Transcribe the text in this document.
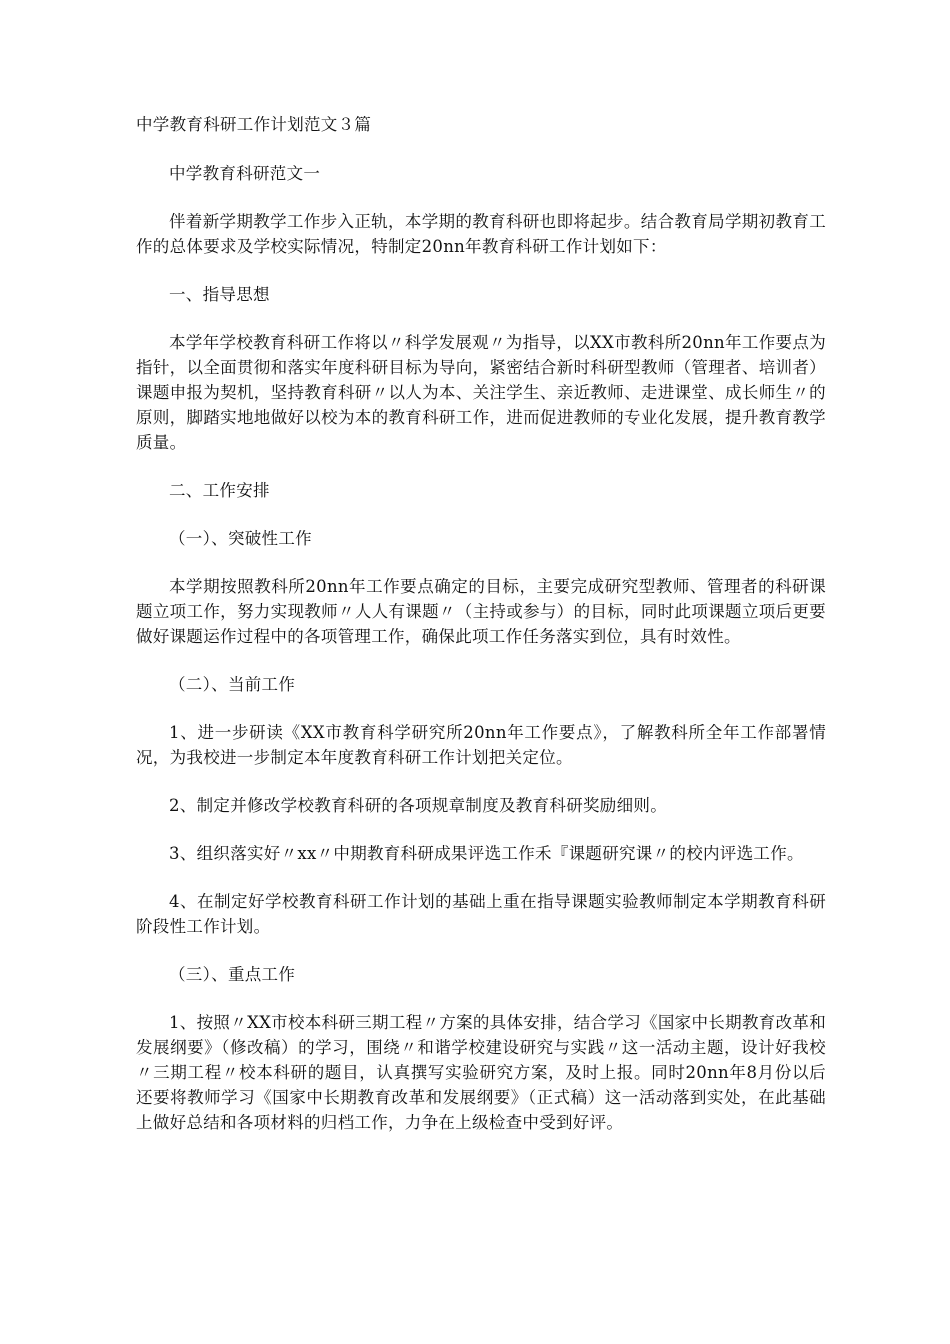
中学教育科研工作计划范文３篇
中学教育科研范文一

伴着新学期教学工作步入正轨，本学期的教育科研也即将起步。结合教育局学期初教育工作的总体要求及学校实际情况，特制定20nn年教育科研工作计划如下：

一、指导思想

本学年学校教育科研工作将以〃科学发展观〃为指导，以XX市教科所20nn年工作要点为指针，以全面贯彻和落实年度科研目标为导向，紧密结合新时科研型教师（管理者、培训者）课题申报为契机，坚持教育科研〃以人为本、关注学生、亲近教师、走进课堂、成长师生〃的原则，脚踏实地地做好以校为本的教育科研工作，进而促进教师的专业化发展，提升教育教学质量。

二、工作安排

（一）、突破性工作

本学期按照教科所20nn年工作要点确定的目标，主要完成研究型教师、管理者的科研课题立项工作，努力实现教师〃人人有课题〃（主持或参与）的目标，同时此项课题立项后更要做好课题运作过程中的各项管理工作，确保此项工作任务落实到位，具有时效性。

（二）、当前工作

1、进一步研读《XX市教育科学研究所20nn年工作要点》，了解教科所全年工作部署情况，为我校进一步制定本年度教育科研工作计划把关定位。

2、制定并修改学校教育科研的各项规章制度及教育科研奖励细则。

3、组织落实好〃xx〃中期教育科研成果评选工作禾『课题研究课〃的校内评选工作。

4、在制定好学校教育科研工作计划的基础上重在指导课题实验教师制定本学期教育科研阶段性工作计划。

（三）、重点工作

1、按照〃XX市校本科研三期工程〃方案的具体安排，结合学习《国家中长期教育改革和发展纲要》（修改稿）的学习，围绕〃和谐学校建设研究与实践〃这一活动主题，设计好我校〃三期工程〃校本科研的题目，认真撰写实验研究方案，及时上报。同时20nn年8月份以后还要将教师学习《国家中长期教育改革和发展纲要》（正式稿）这一活动落到实处，在此基础上做好总结和各项材料的归档工作，力争在上级检查中受到好评。
